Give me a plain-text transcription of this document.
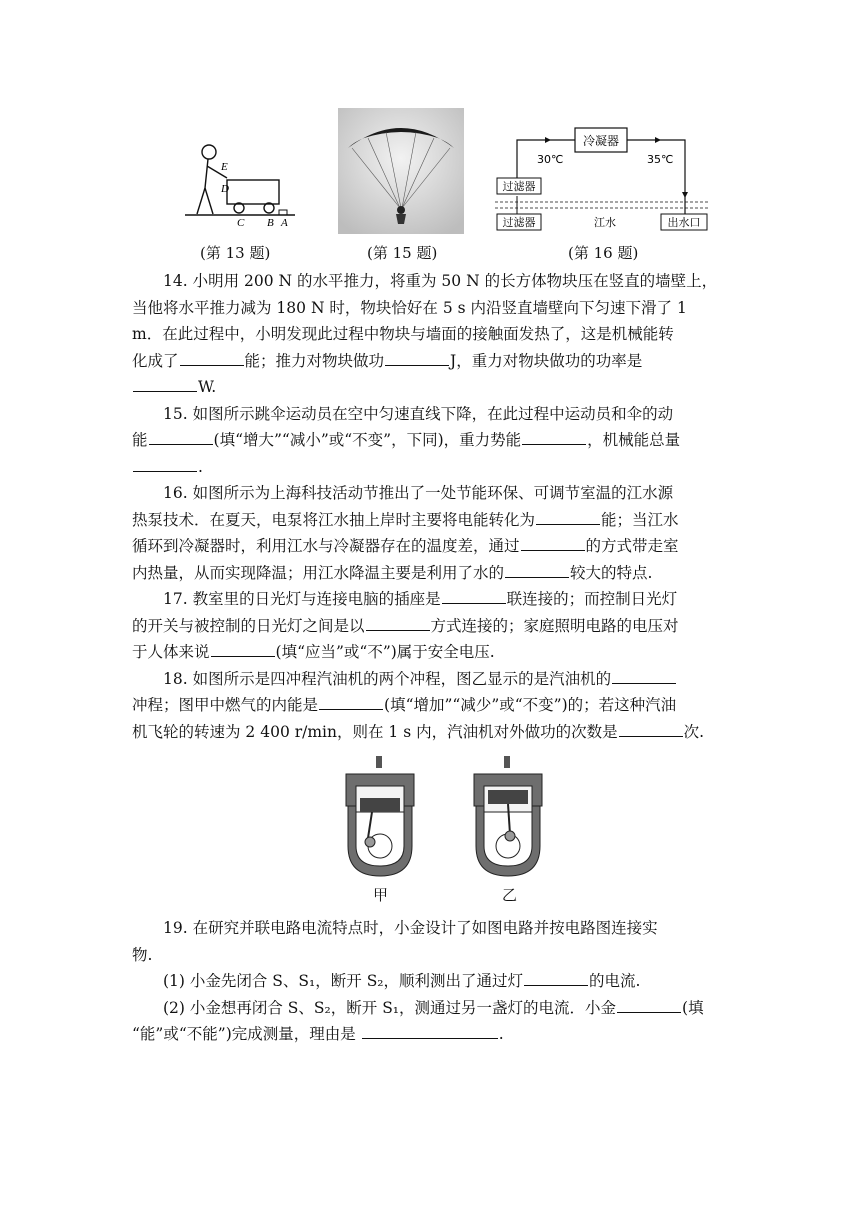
E
D
C B A
(第 13 题)	(第 15 题)
冷凝器
30℃	35℃
过滤器
过滤器	江水	出水口
(第 16 题)

14. 小明用 200 N 的水平推力，将重为 50 N 的长方体物块压在竖直的墙壁上，
当他将水平推力减为 180 N 时，物块恰好在 5 s 内沿竖直墙壁向下匀速下滑了 1
m．在此过程中，小明发现此过程中物块与墙面的接触面发热了，这是机械能转
化成了	能；推力对物块做功	J，重力对物块做功的功率是
W.

15. 如图所示跳伞运动员在空中匀速直线下降，在此过程中运动员和伞的动
能	(填“增大”“减小”或“不变”，下同)，重力势能	，机械能总量
.

16. 如图所示为上海科技活动节推出了一处节能环保、可调节室温的江水源
热泵技术．在夏天，电泵将江水抽上岸时主要将电能转化为	能；当江水
循环到冷凝器时，利用江水与冷凝器存在的温度差，通过	的方式带走室
内热量，从而实现降温；用江水降温主要是利用了水的	较大的特点.

17. 教室里的日光灯与连接电脑的插座是	联连接的；而控制日光灯
的开关与被控制的日光灯之间是以	方式连接的；家庭照明电路的电压对
于人体来说	(填“应当”或“不”)属于安全电压.

18. 如图所示是四冲程汽油机的两个冲程，图乙显示的是汽油机的
冲程；图甲中燃气的内能是	(填“增加”“减少”或“不变”)的；若这种汽油
机飞轮的转速为 2 400 r/min，则在 1 s 内，汽油机对外做功的次数是	次.

甲	乙

19. 在研究并联电路电流特点时，小金设计了如图电路并按电路图连接实
物.

(1) 小金先闭合 S、S₁，断开 S₂，顺利测出了通过灯	的电流.

(2) 小金想再闭合 S、S₂，断开 S₁，测通过另一盏灯的电流．小金	(填
“能”或“不能”)完成测量，理由是	.
